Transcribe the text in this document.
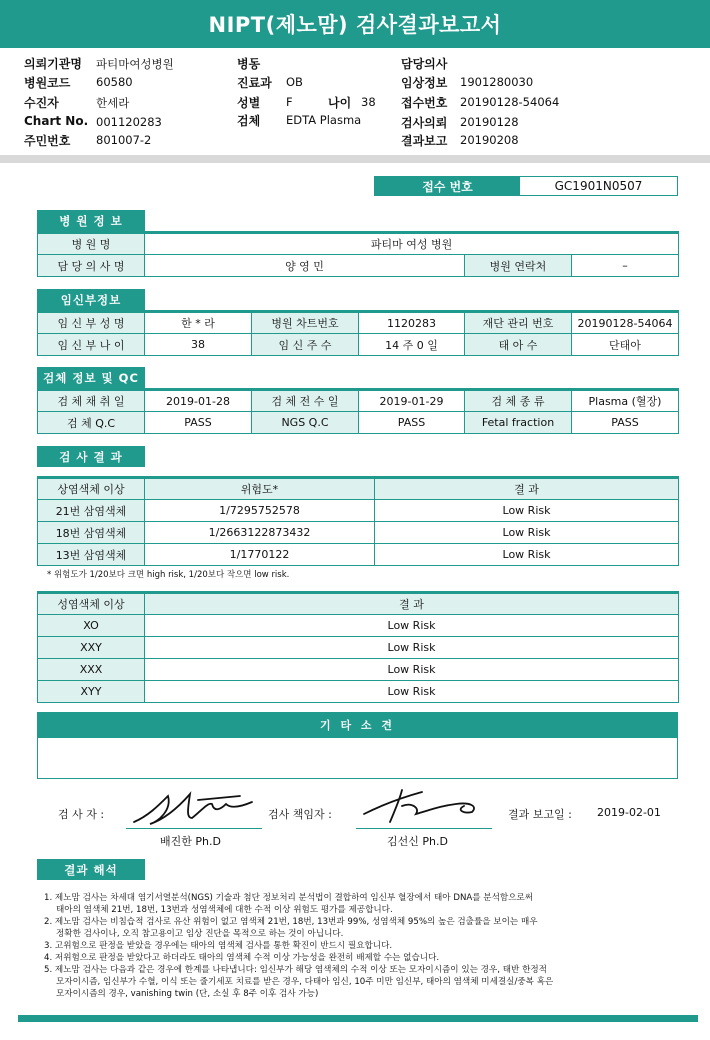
NIPT(제노맘) 검사결과보고서
의뢰기관명 파티마여성병원
병원코드 60580
수진자	한세라
Chart No. 001120283
주민번호 801007-2
병동
진료과 OB
성별 F	나이 38
검체 EDTA Plasma
담당의사
임상정보 1901280030
접수번호 20190128-54064
검사의뢰 20190128
결과보고 20190208
접수 번호	GC1901N0507
병 원 정 보
병 원 명	파티마 여성 병원		
담 당 의 사 명	양 영 민	병원 연락처	–
임신부정보
임 신 부 성 명	한 * 라	병원 차트번호	1120283	재단 관리 번호	20190128-54064
임 신 부 나 이	38	임 신 주 수	14 주 0 일	태 아 수	단태아
검체 정보 및 QC
검 체 채 취 일	2019-01-28	검 체 전 수 일	2019-01-29	검 체 종 류	Plasma (혈장)
검 체 Q.C	PASS	NGS Q.C	PASS	Fetal fraction	PASS
검 사 결 과
상염색체 이상	위험도*	결 과
21번 삼염색체	1/7295752578	Low Risk
18번 삼염색체	1/2663122873432	Low Risk
13번 삼염색체	1/1770122	Low Risk
* 위험도가 1/20보다 크면 high risk, 1/20보다 작으면 low risk.
성염색체 이상	결 과
XO	Low Risk
XXY	Low Risk
XXX	Low Risk
XYY	Low Risk
기 타 소 견
검 사 자 :
배진한 Ph.D
검사 책임자 :
김선신 Ph.D
결과 보고일 : 2019-02-01
결과 해석
1. 제노맘 검사는 차세대 염기서열분석(NGS) 기술과 첨단 정보처리 분석법이 결합하여 임신부 혈장에서 태아 DNA를 분석함으로써
태아의 염색체 21번, 18번, 13번과 성염색체에 대한 수적 이상 위험도 평가를 제공합니다.
2. 제노맘 검사는 비침습적 검사로 유산 위험이 없고 염색체 21번, 18번, 13번과 99%, 성염색체 95%의 높은 검출률을 보이는 매우
정확한 검사이나, 오직 참고용이고 임상 진단을 목적으로 하는 것이 아닙니다.
3. 고위험으로 판정을 받았을 경우에는 태아의 염색체 검사를 통한 확진이 반드시 필요합니다.
4. 저위험으로 판정을 받았다고 하더라도 태아의 염색체 수적 이상 가능성을 완전히 배제할 수는 없습니다.
5. 제노맘 검사는 다음과 같은 경우에 한계를 나타냅니다: 임신부가 해당 염색체의 수적 이상 또는 모자이시즘이 있는 경우, 태반 한정적
모자이시즘, 임신부가 수혈, 이식 또는 줄기세포 치료를 받은 경우, 다태아 임신, 10주 미만 임신부, 태아의 염색체 미세결실/중복 혹은
모자이시즘의 경우, vanishing twin (단, 소실 후 8주 이후 검사 가능)
